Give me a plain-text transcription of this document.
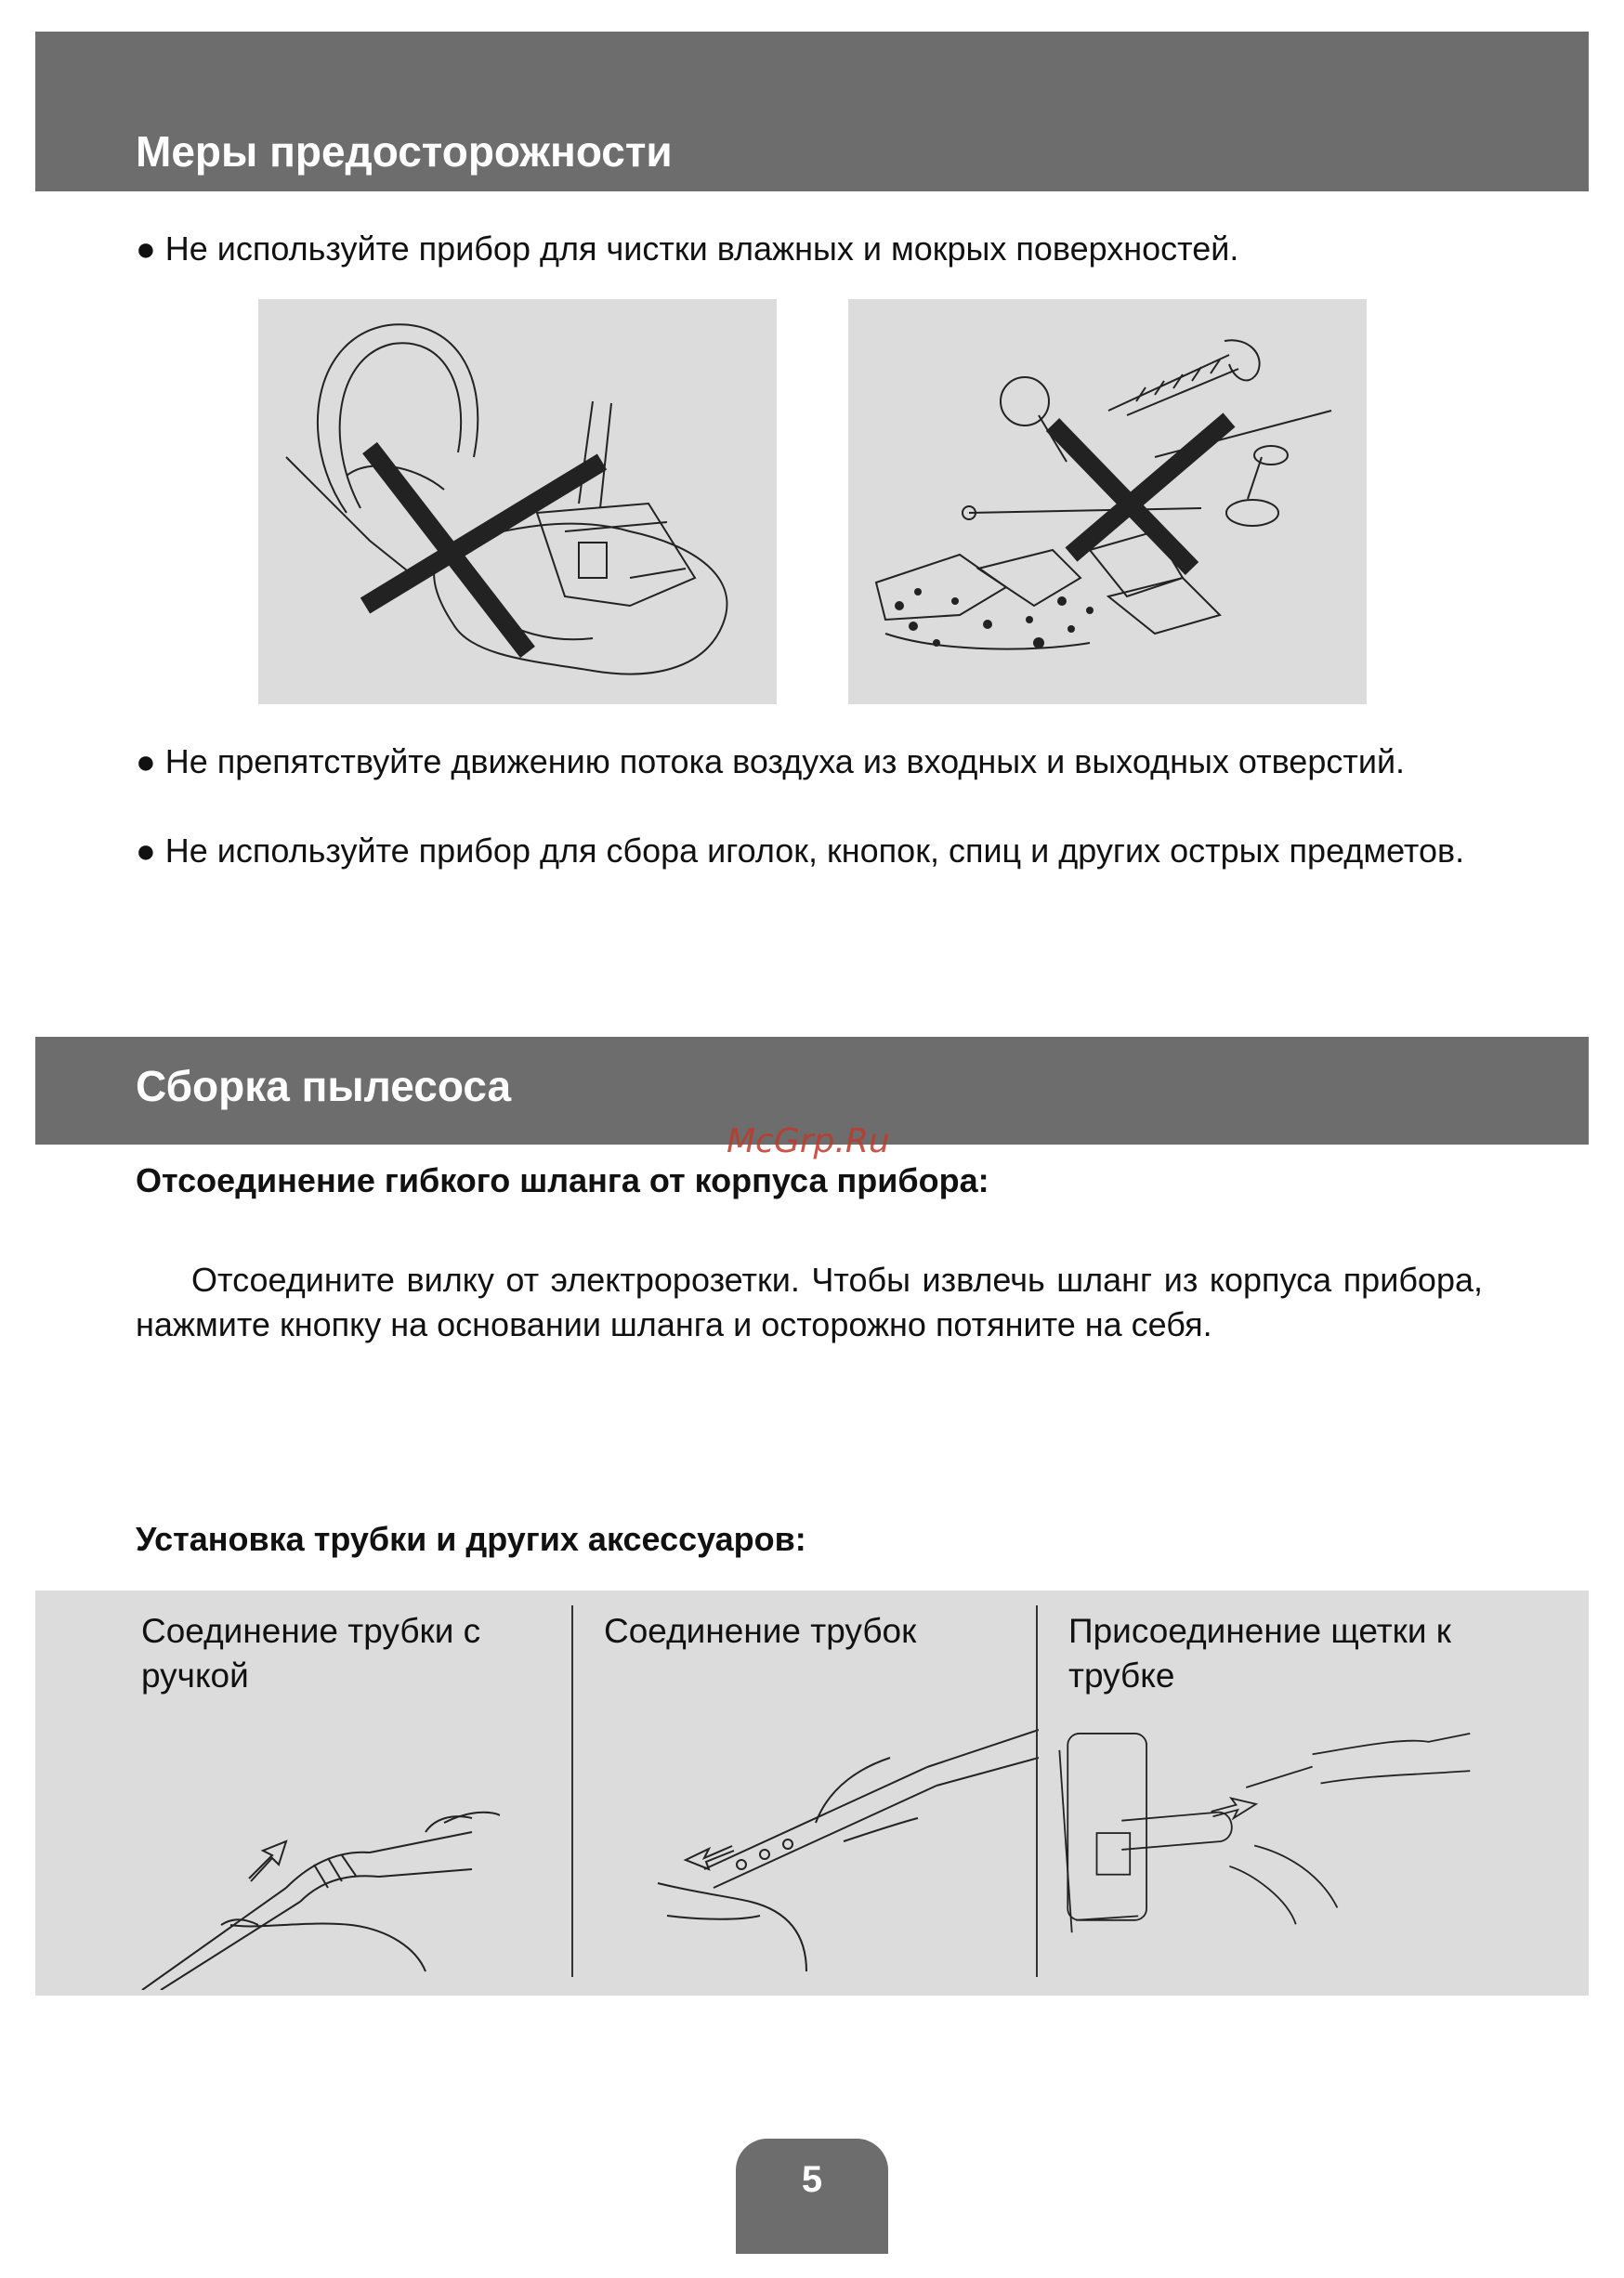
Меры предосторожности
● Не используйте прибор для чистки влажных и мокрых поверхностей.
● Не препятствуйте движению потока воздуха из входных и выходных отверстий.
● Не используйте прибор для сбора иголок, кнопок, спиц и других острых предметов.
Сборка пылесоса
McGrp.Ru
Отсоединение гибкого шланга от корпуса прибора:
Отсоедините вилку от электророзетки. Чтобы извлечь шланг из корпуса прибора, нажмите кнопку на основании шланга и осторожно потяните на себя.
Установка трубки и других аксессуаров:
Соединение трубки с ручкой
Соединение трубок	Присоединение щетки к трубке
5
